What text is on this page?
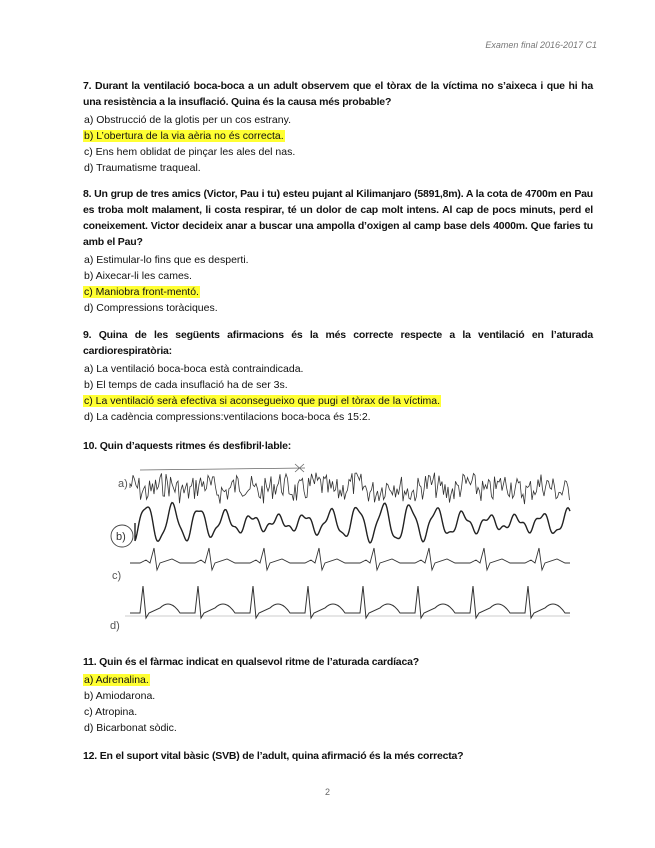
Examen final 2016-2017 C1

7. Durant la ventilació boca-boca a un adult observem que el tòrax de la víctima no s’aixeca i que hi ha una resistència a la insuflació. Quina és la causa més probable?

a) Obstrucció de la glotis per un cos estrany.
b) L’obertura de la via aèria no és correcta.
c) Ens hem oblidat de pinçar les ales del nas.
d) Traumatisme traqueal.

8. Un grup de tres amics (Victor, Pau i tu) esteu pujant al Kilimanjaro (5891,8m). A la cota de 4700m en Pau es troba molt malament, li costa respirar, té un dolor de cap molt intens. Al cap de pocs minuts, perd el coneixement. Victor decideix anar a buscar una ampolla d’oxigen al camp base dels 4000m. Que faries tu amb el Pau?

a) Estimular-lo fins que es desperti.
b) Aixecar-li les cames.
c) Maniobra front-mentó.
d) Compressions toràciques.

9. Quina de les següents afirmacions és la més correcte respecte a la ventilació en l’aturada cardiorespiratòria:

a) La ventilació boca-boca està contraindicada.
b) El temps de cada insuflació ha de ser 3s.
c) La ventilació serà efectiva si aconsegueixo que pugi el tòrax de la víctima.
d) La cadència compressions:ventilacions boca-boca és 15:2.

10. Quin d’aquests ritmes és desfibril·lable:

a)
b)
c)
d)

11. Quin és el fàrmac indicat en qualsevol ritme de l’aturada cardíaca?

a) Adrenalina.
b) Amiodarona.
c) Atropina.
d) Bicarbonat sòdic.

12. En el suport vital bàsic (SVB) de l’adult, quina afirmació és la més correcta?

2
